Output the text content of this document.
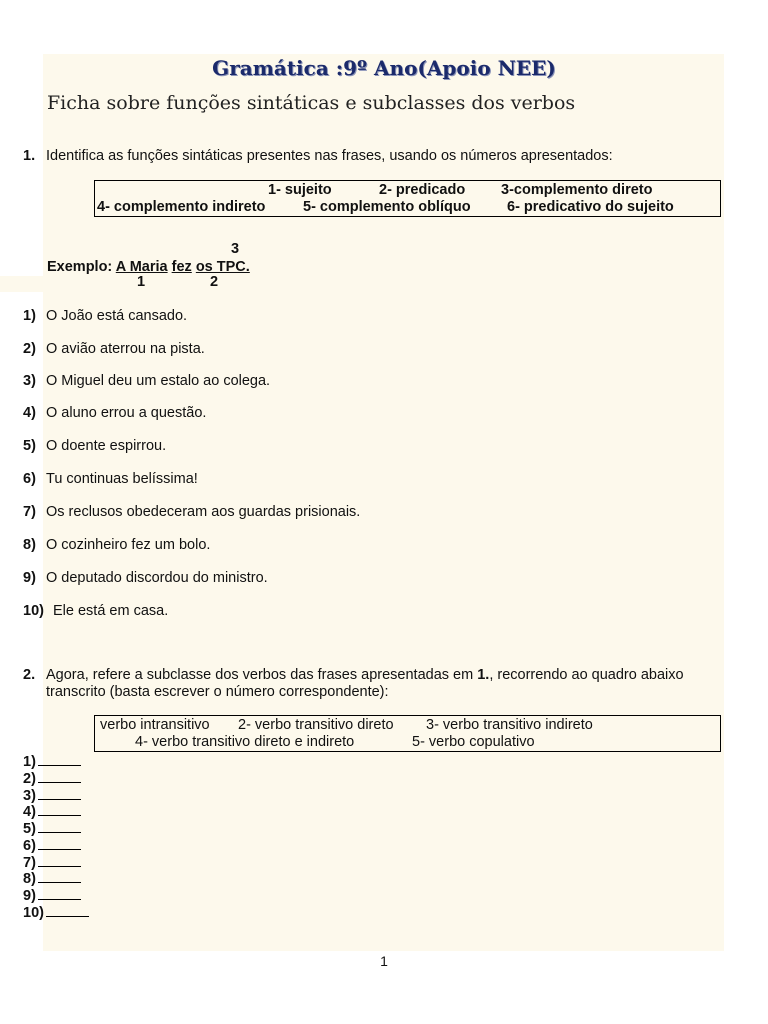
Gramática :9º Ano(Apoio NEE)
Ficha sobre funções sintáticas e subclasses dos verbos
1. Identifica as funções sintáticas presentes nas frases, usando os números apresentados:
1- sujeito	2- predicado 3-complemento direto
4- complemento indireto	5- complemento oblíquo	6- predicativo do sujeito
3
Exemplo: A Maria fez os TPC.
1	2
1) O João está cansado.
2) O avião aterrou na pista.
3) O Miguel deu um estalo ao colega.
4) O aluno errou a questão.
5) O doente espirrou.
6) Tu continuas belíssima!
7) Os reclusos obedeceram aos guardas prisionais.
8) O cozinheiro fez um bolo.
9) O deputado discordou do ministro.
10) Ele está em casa.
2. Agora, refere a subclasse dos verbos das frases apresentadas em 1., recorrendo ao quadro abaixo
transcrito (basta escrever o número correspondente):
verbo intransitivo 2- verbo transitivo direto 3- verbo transitivo indireto
4- verbo transitivo direto e indireto	5- verbo copulativo
1)
2)
3)
4)
5)
6)
7)
8)
9)
10)
1
